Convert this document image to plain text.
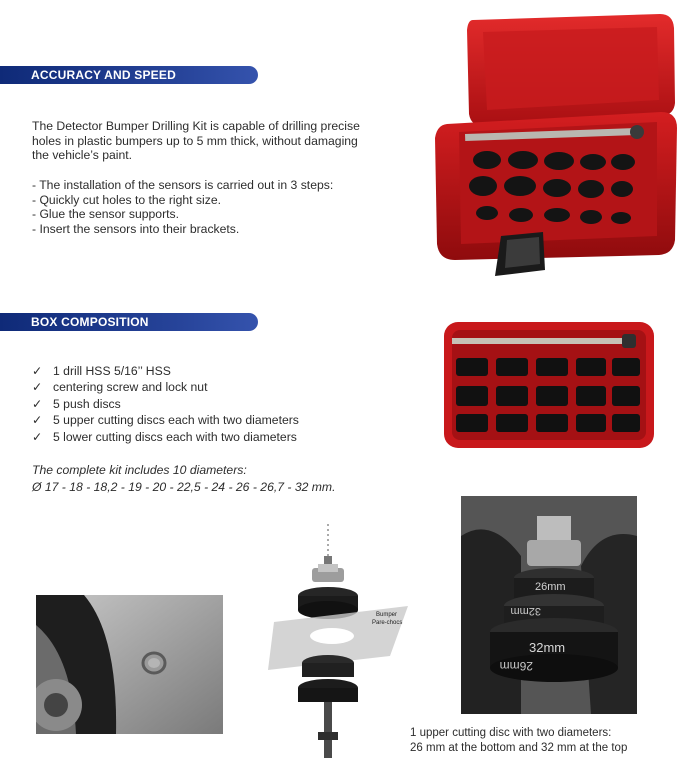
ACCURACY AND SPEED
The Detector Bumper Drilling Kit is capable of drilling precise
holes in plastic bumpers up to 5 mm thick, without damaging
the vehicle’s paint.
- The installation of the sensors is carried out in 3 steps:
- Quickly cut holes to the right size.
- Glue the sensor supports.
- Insert the sensors into their brackets.
BOX COMPOSITION
✓ 1 drill HSS 5/16’’ HSS
✓ centering screw and lock nut
✓ 5 push discs
✓ 5 upper cutting discs each with two diameters
✓ 5 lower cutting discs each with two diameters
The complete kit includes 10 diameters:
Ø 17 - 18 - 18,2 - 19 - 20 - 22,5 - 24 - 26 - 26,7 - 32 mm.
Bumper
Pare-chocs
26mm
32mm
32mm
26mm
1 upper cutting disc with two diameters:
26 mm at the bottom and 32 mm at the top
